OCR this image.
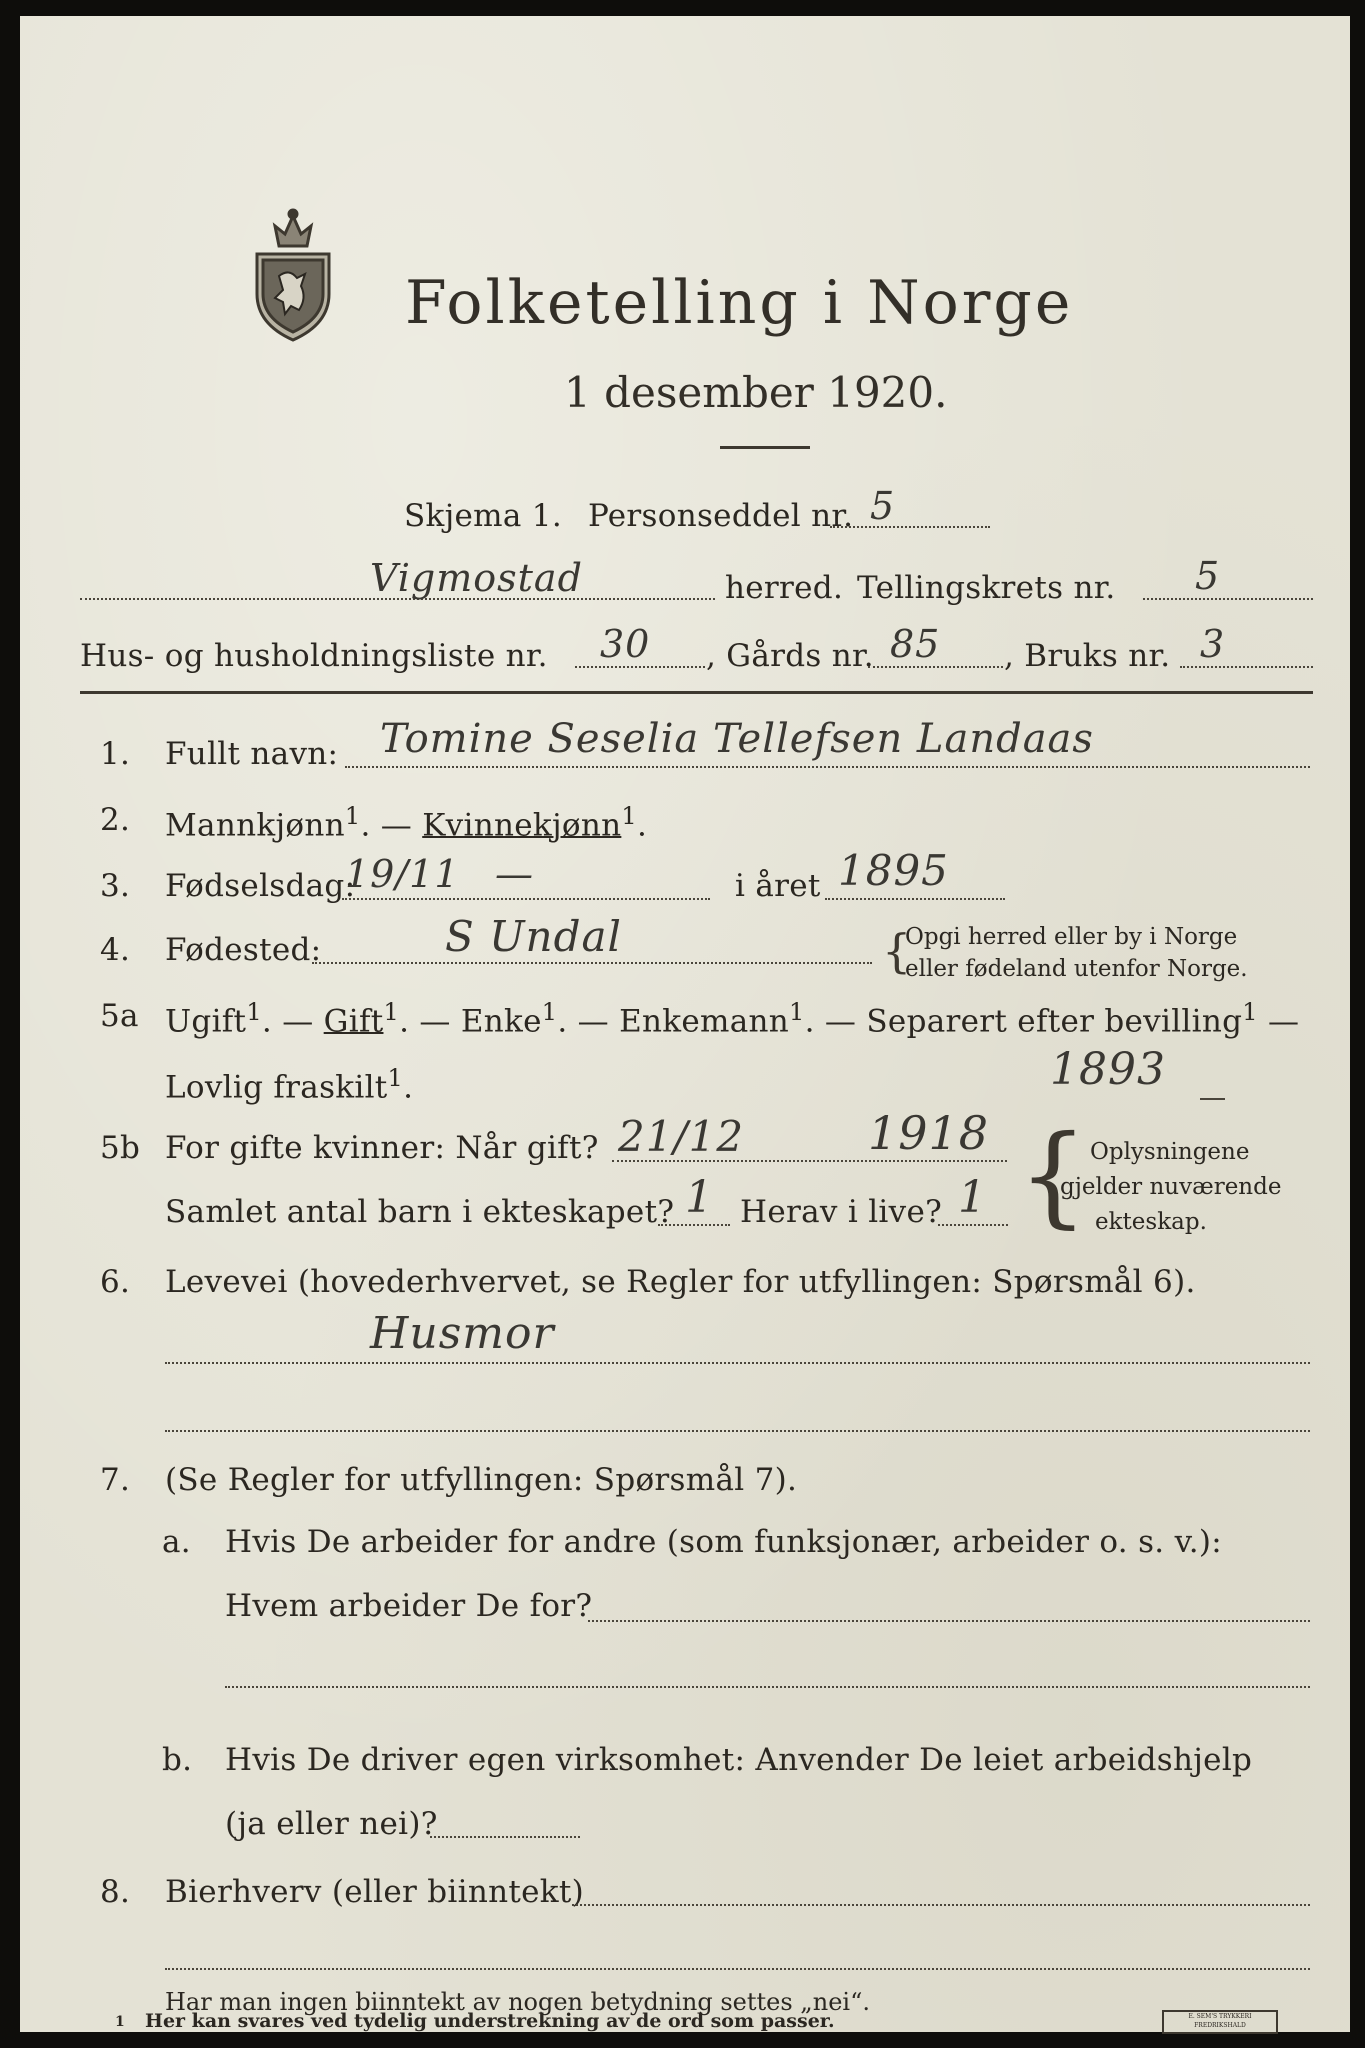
Folketelling i Norge
1 desember 1920.
Skjema 1. Personseddel nr. 5
Vigmostad	herred. Tellingskrets nr. 5
Hus- og husholdningsliste nr. 30 , Gårds nr. 85 , Bruks nr. 3
1. Fullt navn: Tomine Seselia Tellefsen Landaas
2. Mannkjønn$^1$. — Kvinnekjønn$^1$.
3. Fødselsdag:
19/11 —	i året 1895
4. Fødested:	S Undal	{
Opgi herred eller by i Norge
eller fødeland utenfor Norge.
5a Ugift$^1$. — Gift$^1$. — Enke$^1$. — Enkemann$^1$. — Separert efter bevilling$^1$ —
Lovlig fraskilt$^1$.	1893
5b For gifte kvinner: Når gift? 21/12	1918
Samlet antal barn i ekteskapet? 1 Herav i live? 1 { Oplysningene
gjelder nuværende
ekteskap.
6. Levevei (hovederhvervet, se Regler for utfyllingen: Spørsmål 6).
Husmor
7. (Se Regler for utfyllingen: Spørsmål 7).
a. Hvis De arbeider for andre (som funksjonær, arbeider o. s. v.):
Hvem arbeider De for?
b. Hvis De driver egen virksomhet: Anvender De leiet arbeidshjelp
(ja eller nei)?
8. Bierhverv (eller biinntekt)
Har man ingen biinntekt av nogen betydning settes „nei“.
1 Her kan svares ved tydelig understrekning av de ord som passer.	E. SEM'S TRYKKERI
FREDRIKSHALD
